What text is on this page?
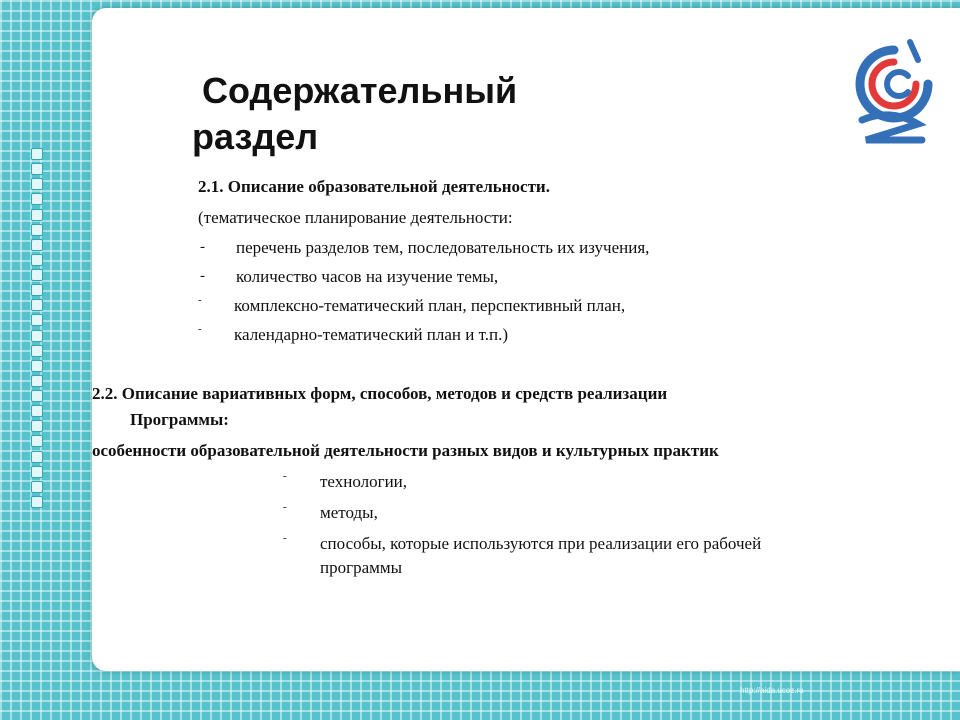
Содержательный
раздел
2.1. Описание образовательной деятельности.
(тематическое планирование деятельности:
- перечень разделов тем, последовательность их изучения,
- количество часов на изучение темы,
- комплексно-тематический план, перспективный план,
- календарно-тематический план и т.п.)
2.2. Описание вариативных форм, способов, методов и средств реализации
Программы:
особенности образовательной деятельности разных видов и культурных практик
- технологии,
- методы,
- способы, которые используются при реализации его рабочей
программы
http://aida.ucoz.ru
